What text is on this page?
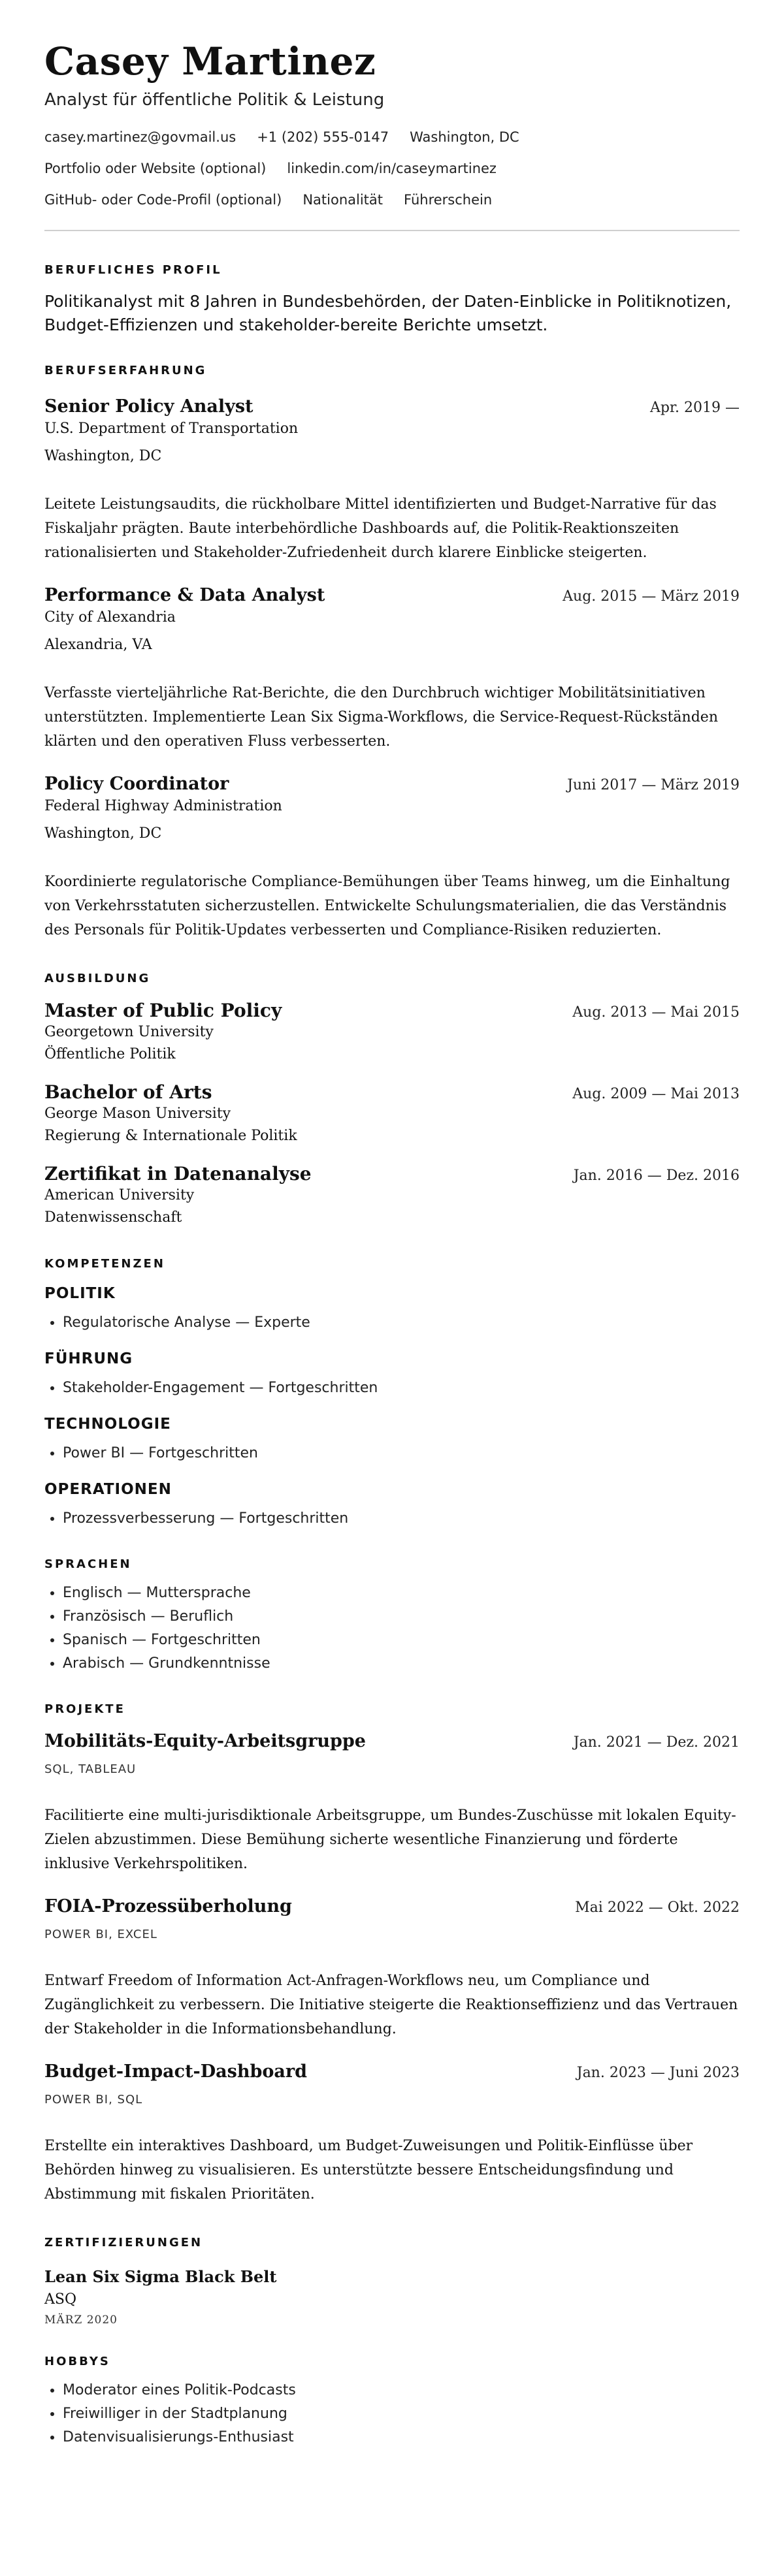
Casey Martinez
Analyst für öffentliche Politik & Leistung
casey.martinez@govmail.us +1 (202) 555-0147 Washington, DC
Portfolio oder Website (optional) linkedin.com/in/caseymartinez
GitHub- oder Code-Profil (optional) Nationalität Führerschein
BERUFLICHES PROFIL
Politikanalyst mit 8 Jahren in Bundesbehörden, der Daten-Einblicke in Politiknotizen, Budget-Effizienzen und stakeholder-bereite Berichte umsetzt.
BERUFSERFAHRUNG
Senior Policy Analyst	Apr. 2019 —
U.S. Department of Transportation
Washington, DC
Leitete Leistungsaudits, die rückholbare Mittel identifizierten und Budget-Narrative für das Fiskaljahr prägten. Baute interbehördliche Dashboards auf, die Politik-Reaktionszeiten rationalisierten und Stakeholder-Zufriedenheit durch klarere Einblicke steigerten.
Performance & Data Analyst	Aug. 2015 — März 2019
City of Alexandria
Alexandria, VA
Verfasste vierteljährliche Rat-Berichte, die den Durchbruch wichtiger Mobilitätsinitiativen unterstützten. Implementierte Lean Six Sigma-Workflows, die Service-Request-Rückständen klärten und den operativen Fluss verbesserten.
Policy Coordinator	Juni 2017 — März 2019
Federal Highway Administration
Washington, DC
Koordinierte regulatorische Compliance-Bemühungen über Teams hinweg, um die Einhaltung von Verkehrsstatuten sicherzustellen. Entwickelte Schulungsmaterialien, die das Verständnis des Personals für Politik-Updates verbesserten und Compliance-Risiken reduzierten.
AUSBILDUNG
Master of Public Policy	Aug. 2013 — Mai 2015
Georgetown University
Öffentliche Politik
Bachelor of Arts	Aug. 2009 — Mai 2013
George Mason University
Regierung & Internationale Politik
Zertifikat in Datenanalyse	Jan. 2016 — Dez. 2016
American University
Datenwissenschaft
KOMPETENZEN
POLITIK
• Regulatorische Analyse — Experte
FÜHRUNG
• Stakeholder-Engagement — Fortgeschritten
TECHNOLOGIE
• Power BI — Fortgeschritten
OPERATIONEN
• Prozessverbesserung — Fortgeschritten
SPRACHEN
• Englisch — Muttersprache
• Französisch — Beruflich
• Spanisch — Fortgeschritten
• Arabisch — Grundkenntnisse
PROJEKTE
Mobilitäts-Equity-Arbeitsgruppe	Jan. 2021 — Dez. 2021
SQL, TABLEAU
Facilitierte eine multi-jurisdiktionale Arbeitsgruppe, um Bundes-Zuschüsse mit lokalen Equity-Zielen abzustimmen. Diese Bemühung sicherte wesentliche Finanzierung und förderte inklusive Verkehrspolitiken.
FOIA-Prozessüberholung	Mai 2022 — Okt. 2022
POWER BI, EXCEL
Entwarf Freedom of Information Act-Anfragen-Workflows neu, um Compliance und Zugänglichkeit zu verbessern. Die Initiative steigerte die Reaktionseffizienz und das Vertrauen der Stakeholder in die Informationsbehandlung.
Budget-Impact-Dashboard	Jan. 2023 — Juni 2023
POWER BI, SQL
Erstellte ein interaktives Dashboard, um Budget-Zuweisungen und Politik-Einflüsse über Behörden hinweg zu visualisieren. Es unterstützte bessere Entscheidungsfindung und Abstimmung mit fiskalen Prioritäten.
ZERTIFIZIERUNGEN
Lean Six Sigma Black Belt
ASQ
MÄRZ 2020
HOBBYS
• Moderator eines Politik-Podcasts
• Freiwilliger in der Stadtplanung
• Datenvisualisierungs-Enthusiast
